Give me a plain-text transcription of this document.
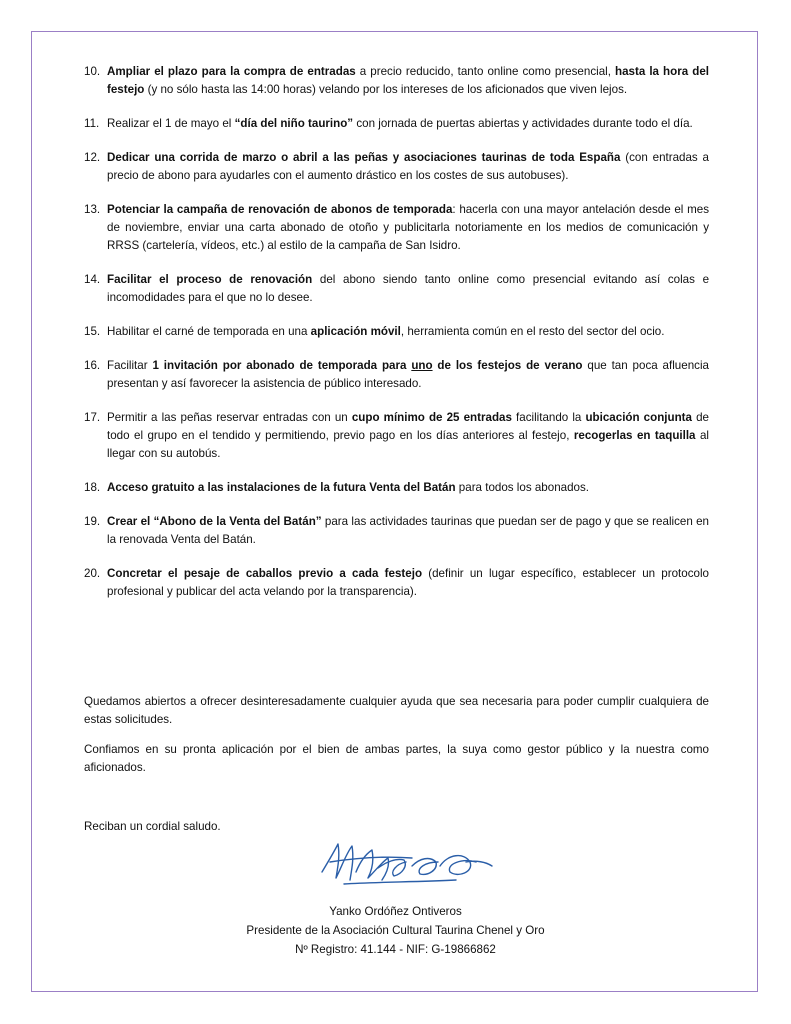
10. Ampliar el plazo para la compra de entradas a precio reducido, tanto online como presencial, hasta la hora del festejo (y no sólo hasta las 14:00 horas) velando por los intereses de los aficionados que viven lejos.
11. Realizar el 1 de mayo el “día del niño taurino” con jornada de puertas abiertas y actividades durante todo el día.
12. Dedicar una corrida de marzo o abril a las peñas y asociaciones taurinas de toda España (con entradas a precio de abono para ayudarles con el aumento drástico en los costes de sus autobuses).
13. Potenciar la campaña de renovación de abonos de temporada: hacerla con una mayor antelación desde el mes de noviembre, enviar una carta abonado de otoño y publicitarla notoriamente en los medios de comunicación y RRSS (cartelería, vídeos, etc.) al estilo de la campaña de San Isidro.
14. Facilitar el proceso de renovación del abono siendo tanto online como presencial evitando así colas e incomodidades para el que no lo desee.
15. Habilitar el carné de temporada en una aplicación móvil, herramienta común en el resto del sector del ocio.
16. Facilitar 1 invitación por abonado de temporada para uno de los festejos de verano que tan poca afluencia presentan y así favorecer la asistencia de público interesado.
17. Permitir a las peñas reservar entradas con un cupo mínimo de 25 entradas facilitando la ubicación conjunta de todo el grupo en el tendido y permitiendo, previo pago en los días anteriores al festejo, recogerlas en taquilla al llegar con su autobús.
18. Acceso gratuito a las instalaciones de la futura Venta del Batán para todos los abonados.
19. Crear el “Abono de la Venta del Batán” para las actividades taurinas que puedan ser de pago y que se realicen en la renovada Venta del Batán.
20. Concretar el pesaje de caballos previo a cada festejo (definir un lugar específico, establecer un protocolo profesional y publicar del acta velando por la transparencia).
Quedamos abiertos a ofrecer desinteresadamente cualquier ayuda que sea necesaria para poder cumplir cualquiera de estas solicitudes.
Confiamos en su pronta aplicación por el bien de ambas partes, la suya como gestor público y la nuestra como aficionados.
Reciban un cordial saludo.
Yanko Ordóñez Ontiveros
Presidente de la Asociación Cultural Taurina Chenel y Oro
Nº Registro: 41.144 - NIF: G-19866862
